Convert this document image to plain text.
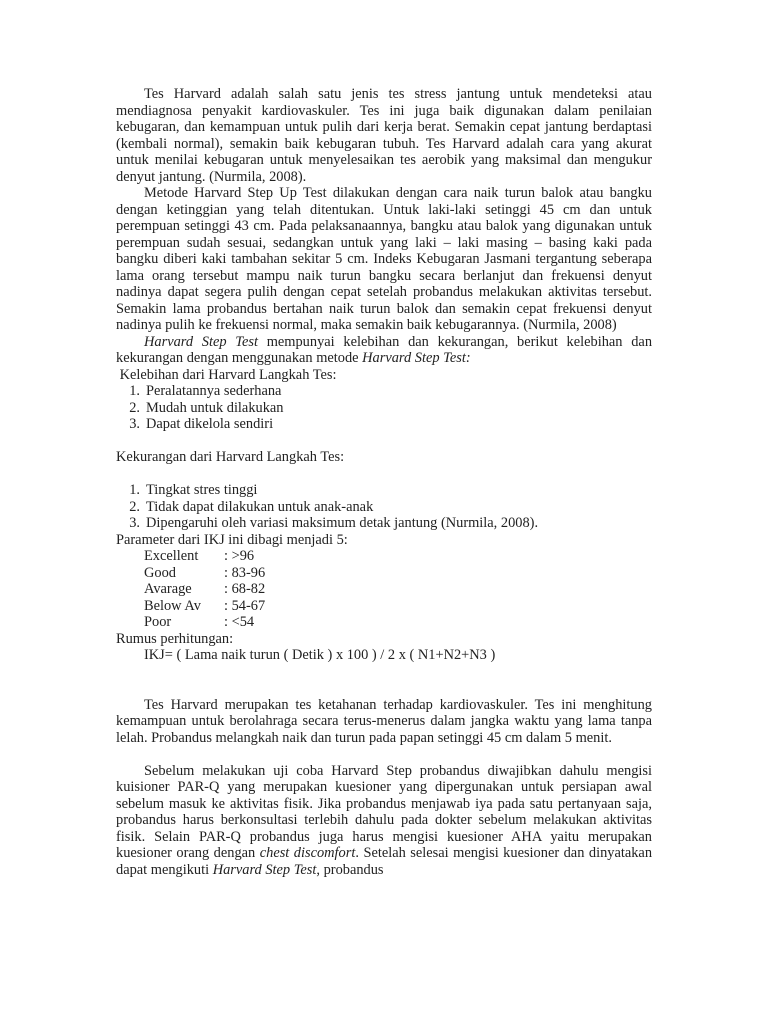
Tes Harvard adalah salah satu jenis tes stress jantung untuk mendeteksi atau mendiagnosa penyakit kardiovaskuler. Tes ini juga baik digunakan dalam penilaian kebugaran, dan kemampuan untuk pulih dari kerja berat. Semakin cepat jantung berdaptasi (kembali normal), semakin baik kebugaran tubuh. Tes Harvard adalah cara yang akurat untuk menilai kebugaran untuk menyelesaikan tes aerobik yang maksimal dan mengukur denyut jantung. (Nurmila, 2008).

Metode Harvard Step Up Test dilakukan dengan cara naik turun balok atau bangku dengan ketinggian yang telah ditentukan. Untuk laki-laki setinggi 45 cm dan untuk perempuan setinggi 43 cm. Pada pelaksanaannya, bangku atau balok yang digunakan untuk perempuan sudah sesuai, sedangkan untuk yang laki – laki masing – basing kaki pada bangku diberi kaki tambahan sekitar 5 cm. Indeks Kebugaran Jasmani tergantung seberapa lama orang tersebut mampu naik turun bangku secara berlanjut dan frekuensi denyut nadinya dapat segera pulih dengan cepat setelah probandus melakukan aktivitas tersebut. Semakin lama probandus bertahan naik turun balok dan semakin cepat frekuensi denyut nadinya pulih ke frekuensi normal, maka semakin baik kebugarannya. (Nurmila, 2008)

Harvard Step Test mempunyai kelebihan dan kekurangan, berikut kelebihan dan kekurangan dengan menggunakan metode Harvard Step Test:

Kelebihan dari Harvard Langkah Tes:
1. Peralatannya sederhana
2. Mudah untuk dilakukan
3. Dapat dikelola sendiri
Kekurangan dari Harvard Langkah Tes:
1. Tingkat stres tinggi
2. Tidak dapat dilakukan untuk anak-anak
3. Dipengaruhi oleh variasi maksimum detak jantung (Nurmila, 2008).
Parameter dari IKJ ini dibagi menjadi 5:
Excellent	: >96
Good	: 83-96
Avarage	: 68-82
Below Av	: 54-67
Poor	: <54
Rumus perhitungan:
IKJ= ( Lama naik turun ( Detik ) x 100 ) / 2 x ( N1+N2+N3 )

Tes Harvard merupakan tes ketahanan terhadap kardiovaskuler. Tes ini menghitung kemampuan untuk berolahraga secara terus-menerus dalam jangka waktu yang lama tanpa lelah. Probandus melangkah naik dan turun pada papan setinggi 45 cm dalam 5 menit.

Sebelum melakukan uji coba Harvard Step probandus diwajibkan dahulu mengisi kuisioner PAR-Q yang merupakan kuesioner yang dipergunakan untuk persiapan awal sebelum masuk ke aktivitas fisik. Jika probandus menjawab iya pada satu pertanyaan saja, probandus harus berkonsultasi terlebih dahulu pada dokter sebelum melakukan aktivitas fisik. Selain PAR-Q probandus juga harus mengisi kuesioner AHA yaitu merupakan kuesioner orang dengan chest discomfort. Setelah selesai mengisi kuesioner dan dinyatakan dapat mengikuti Harvard Step Test, probandus
